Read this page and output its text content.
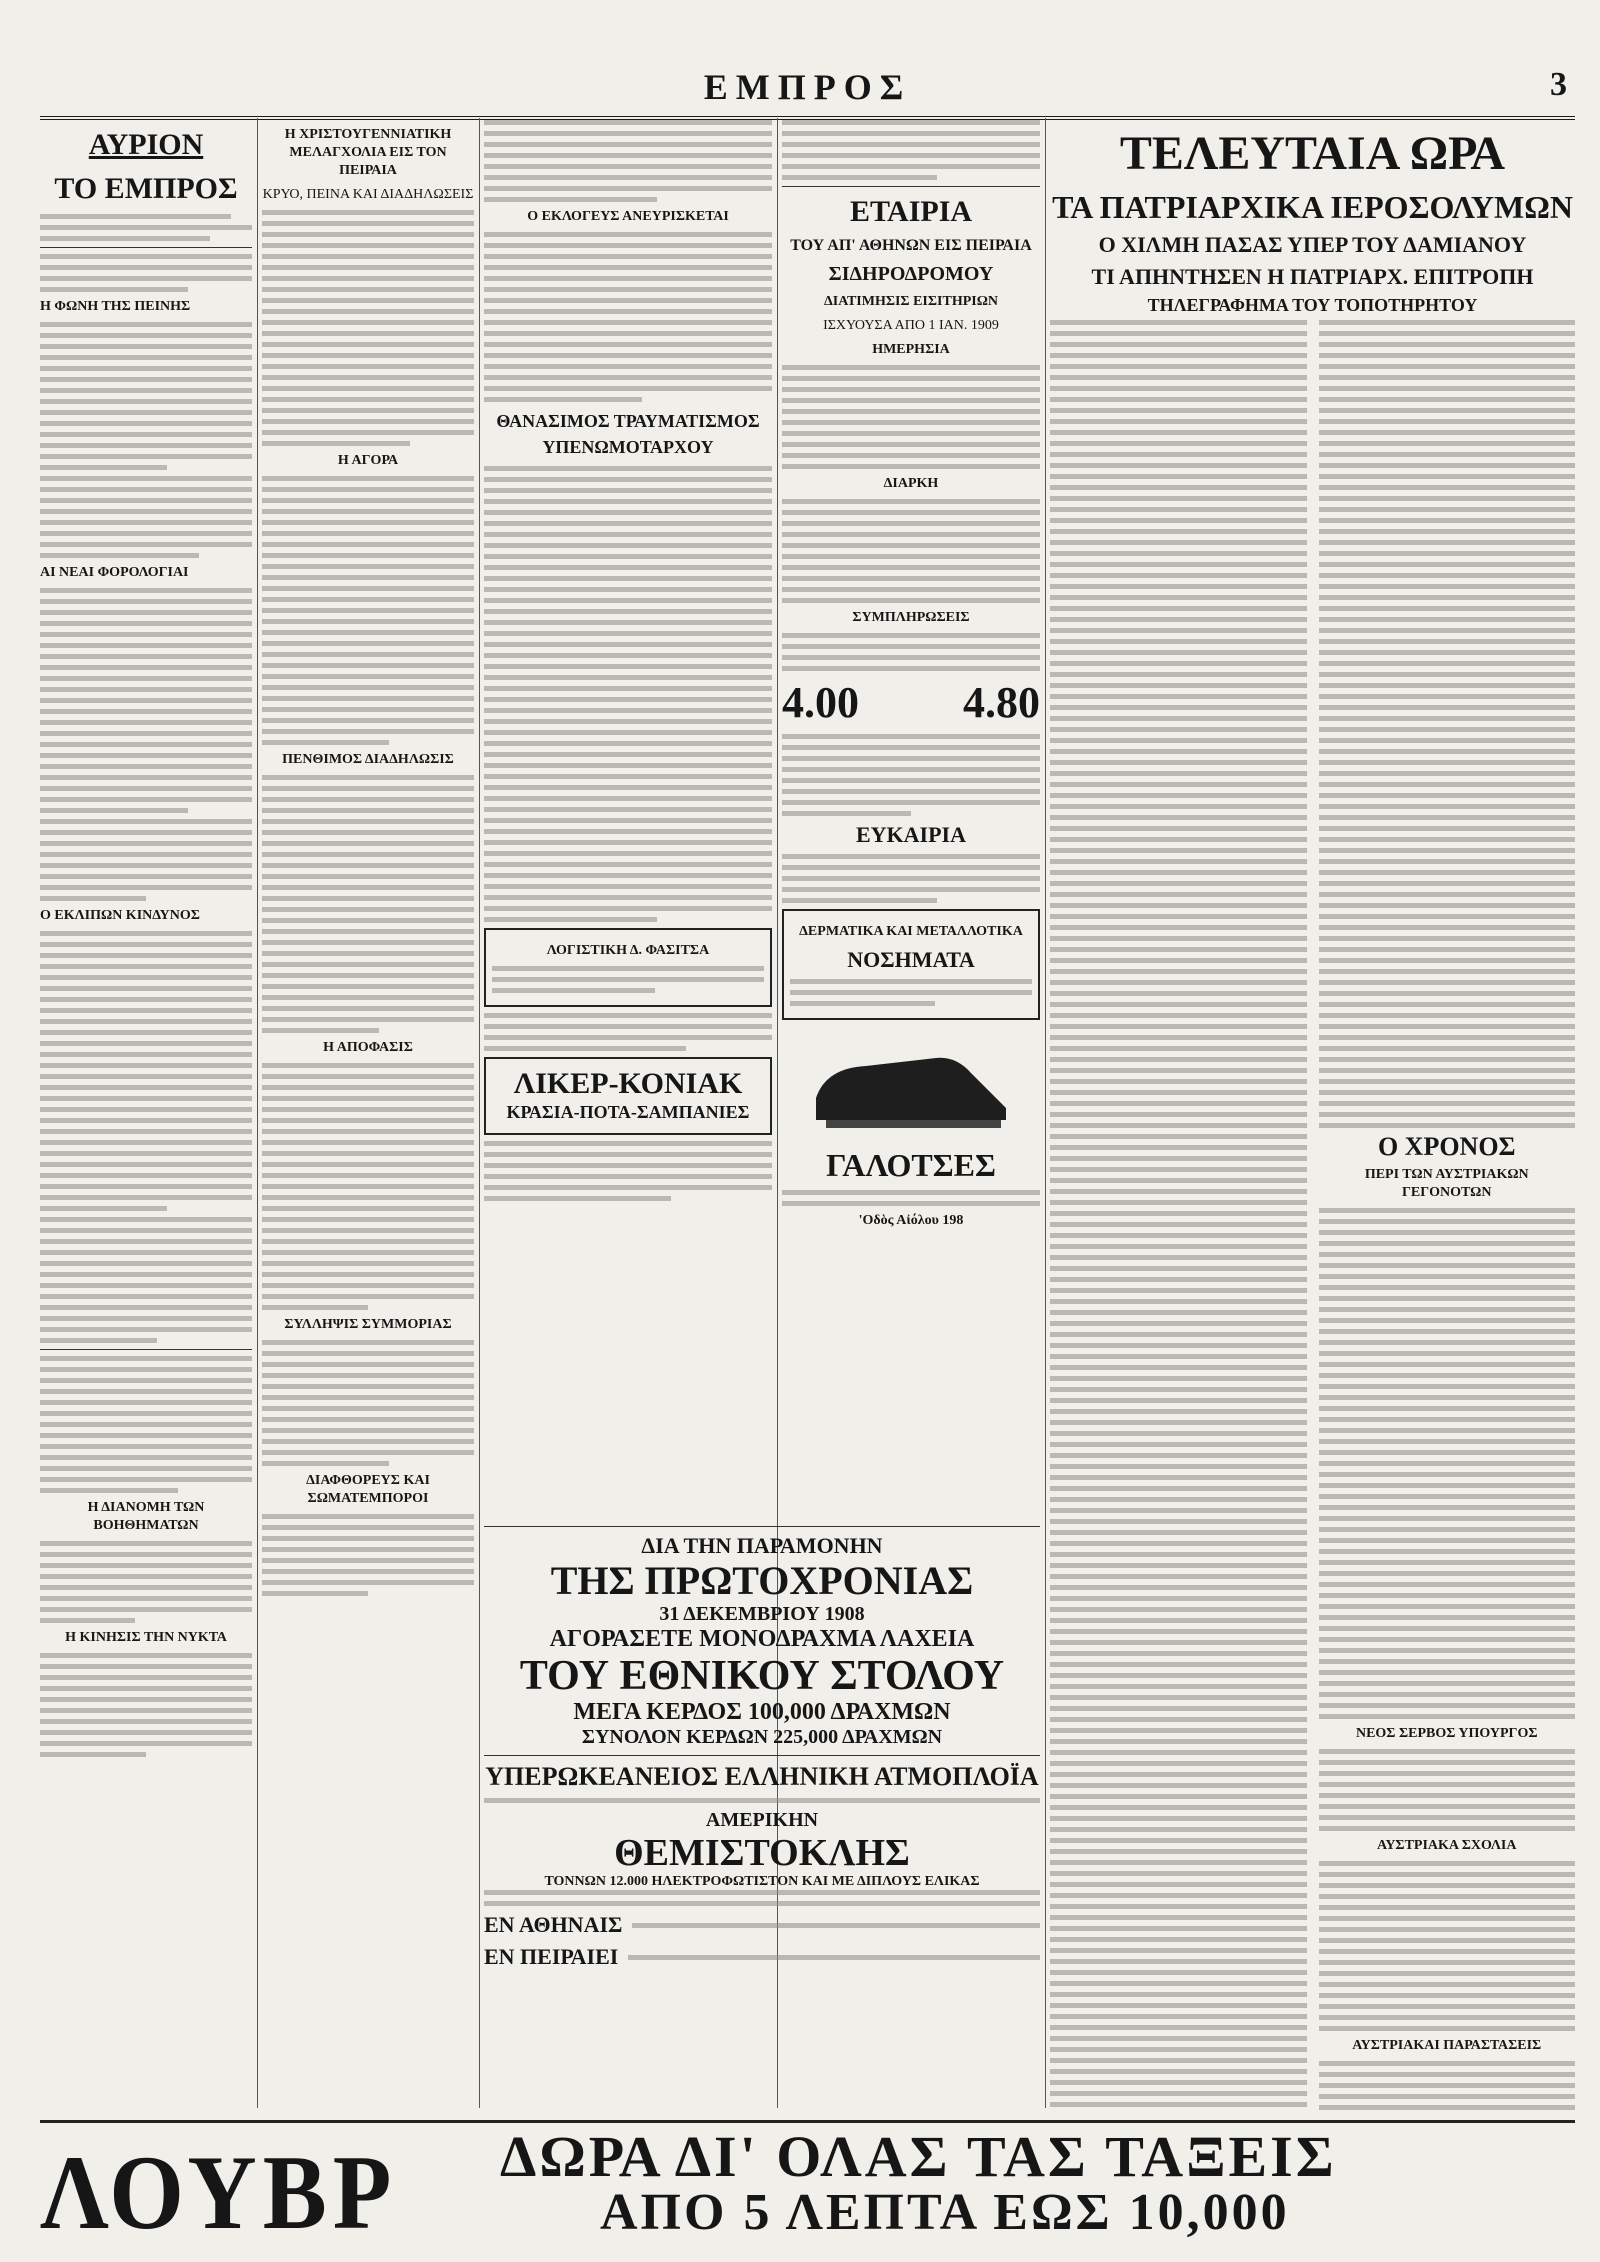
ΕΜΠΡΟΣ	3
ΑΥΡΙΟΝ
ΤΟ ΕΜΠΡΟΣ
Η ΦΩΝΗ ΤΗΣ ΠΕΙΝΗΣ
ΑΙ ΝΕΑΙ ΦΟΡΟΛΟΓΙΑΙ
Ο ΕΚΛΙΠΩΝ ΚΙΝΔΥΝΟΣ
Η ΔΙΑΝΟΜΗ ΤΩΝ ΒΟΗΘΗΜΑΤΩΝ
Η ΚΙΝΗΣΙΣ ΤΗΝ ΝΥΚΤΑ
Η ΧΡΙΣΤΟΥΓΕΝΝΙΑΤΙΚΗ ΜΕΛΑΓΧΟΛΙΑ ΕΙΣ ΤΟΝ ΠΕΙΡΑΙΑ
ΚΡΥΟ, ΠΕΙΝΑ ΚΑΙ ΔΙΑΔΗΛΩΣΕΙΣ
Η ΑΓΟΡΑ
ΠΕΝΘΙΜΟΣ ΔΙΑΔΗΛΩΣΙΣ
Η ΑΠΟΦΑΣΙΣ
ΣΥΛΛΗΨΙΣ ΣΥΜΜΟΡΙΑΣ
ΔΙΑΦΘΟΡΕΥΣ ΚΑΙ ΣΩΜΑΤΕΜΠΟΡΟΙ
Ο ΕΚΛΟΓΕΥΣ ΑΝΕΥΡΙΣΚΕΤΑΙ
ΘΑΝΑΣΙΜΟΣ ΤΡΑΥΜΑΤΙΣΜΟΣ ΥΠΕΝΩΜΟΤΑΡΧΟΥ
ΛΟΓΙΣΤΙΚΗ Δ. ΦΑΣΙΤΣΑ
ΛΙΚΕΡ-ΚΟΝΙΑΚ
ΚΡΑΣΙΑ-ΠΟΤΑ-ΣΑΜΠΑΝΙΕΣ
ΕΤΑΙΡΙΑ
ΤΟΥ ΑΠ' ΑΘΗΝΩΝ ΕΙΣ ΠΕΙΡΑΙΑ
ΣΙΔΗΡΟΔΡΟΜΟΥ
ΔΙΑΤΙΜΗΣΙΣ ΕΙΣΙΤΗΡΙΩΝ
ΙΣΧΥΟΥΣΑ ΑΠΟ 1 ΙΑΝ. 1909
ΗΜΕΡΗΣΙΑ
ΔΙΑΡΚΗ
ΣΥΜΠΛΗΡΩΣΕΙΣ
4.00 4.80
ΕΥΚΑΙΡΙΑ
ΔΕΡΜΑΤΙΚΑ ΚΑΙ ΜΕΤΑΛΛΟΤΙΚΑ
ΝΟΣΗΜΑΤΑ
ΓΑΛΟΤΣΕΣ
'Οδὸς Αἰόλου 198
ΤΕΛΕΥΤΑΙΑ ΩΡΑ
ΤΑ ΠΑΤΡΙΑΡΧΙΚΑ ΙΕΡΟΣΟΛΥΜΩΝ
Ο ΧΙΛΜΗ ΠΑΣΑΣ ΥΠΕΡ ΤΟΥ ΔΑΜΙΑΝΟΥ
ΤΙ ΑΠΗΝΤΗΣΕΝ Η ΠΑΤΡΙΑΡΧ. ΕΠΙΤΡΟΠΗ
ΤΗΛΕΓΡΑΦΗΜΑ ΤΟΥ ΤΟΠΟΤΗΡΗΤΟΥ
Ο ΧΡΟΝΟΣ
ΠΕΡΙ ΤΩΝ ΑΥΣΤΡΙΑΚΩΝ ΓΕΓΟΝΟΤΩΝ
ΝΕΟΣ ΣΕΡΒΟΣ ΥΠΟΥΡΓΟΣ
ΑΥΣΤΡΙΑΚΑ ΣΧΟΛΙΑ
ΑΥΣΤΡΙΑΚΑΙ ΠΑΡΑΣΤΑΣΕΙΣ
ΔΙΑ ΤΗΝ ΠΑΡΑΜΟΝΗΝ
ΤΗΣ ΠΡΩΤΟΧΡΟΝΙΑΣ
31 ΔΕΚΕΜΒΡΙΟΥ 1908
ΑΓΟΡΑΣΕΤΕ ΜΟΝΟΔΡΑΧΜΑ ΛΑΧΕΙΑ
ΤΟΥ ΕΘΝΙΚΟΥ ΣΤΟΛΟΥ
ΜΕΓΑ ΚΕΡΔΟΣ 100,000 ΔΡΑΧΜΩΝ
ΣΥΝΟΛΟΝ ΚΕΡΔΩΝ 225,000 ΔΡΑΧΜΩΝ
ΥΠΕΡΩΚΕΑΝΕΙΟΣ ΕΛΛΗΝΙΚΗ ΑΤΜΟΠΛΟΪΑ
ΑΜΕΡΙΚΗΝ
ΘΕΜΙΣΤΟΚΛΗΣ
ΤΟΝΝΩΝ 12.000 ΗΛΕΚΤΡΟΦΩΤΙΣΤΟΝ ΚΑΙ ΜΕ ΔΙΠΛΟΥΣ ΕΛΙΚΑΣ
ΕΝ ΑΘΗΝΑΙΣ
ΕΝ ΠΕΙΡΑΙΕΙ
ΛΟΥΒΡ ΔΩΡΑ ΔΙ' ΟΛΑΣ ΤΑΣ ΤΑΞΕΙΣ
ΑΠΟ 5 ΛΕΠΤΑ ΕΩΣ 10,000
